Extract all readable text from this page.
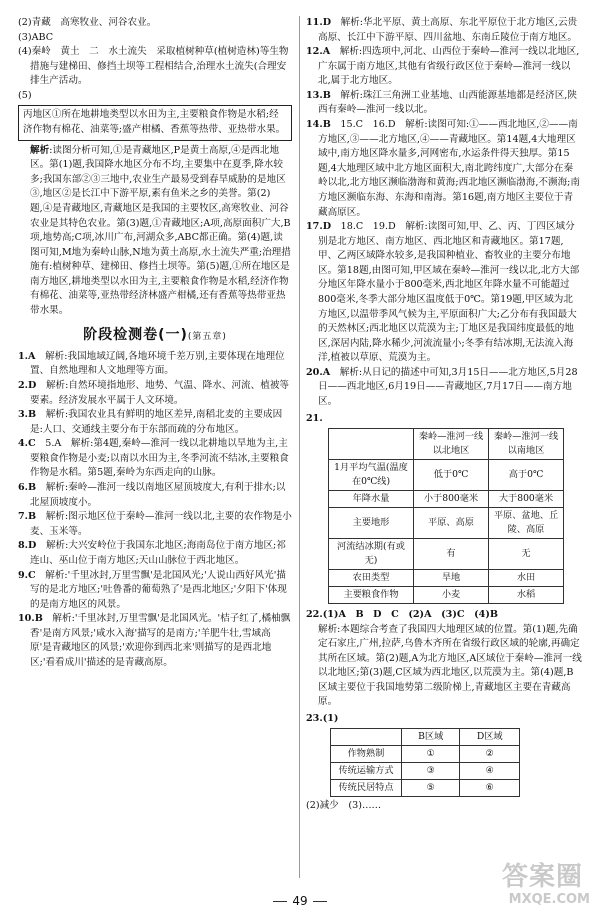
(2)青藏　高寒牧业、河谷农业。

(3)ABC

(4)秦岭　黄土　二　水土流失　采取植树种草(植树造林)等生物措施与建梯田、修挡土坝等工程相结合,治理水土流失(合理安排生产活动。

(5)

丙地区①所在地耕地类型以水田为主,主要粮食作物是水稻;经济作物有棉花、油菜等;盛产柑橘、香蕉等热带、亚热带水果。

解析:读图分析可知,①是青藏地区,P是黄土高原,④是西北地区。第(1)题,我国降水地区分布不均,主要集中在夏季,降水较多;我国东部②③三地中,农业生产最易受到春旱威胁的是地区③,地区②是长江中下游平原,素有鱼米之乡的美誉。第(2)题,④是青藏地区,青藏地区是我国的主要牧区,高寒牧业、河谷农业是其特色农业。第(3)题,①青藏地区;A项,高原面积广大,B项,地势高;C项,冰川广布,河湖众多,ABC都正确。第(4)题,读图可知,M地为秦岭山脉,N地为黄土高原,水土流失严重;治理措施有:植树种草、建梯田、修挡土坝等。第(5)题,①所在地区是南方地区,耕地类型以水田为主,主要粮食作物是水稻,经济作物有棉花、油菜等,亚热带经济林盛产柑橘,还有香蕉等热带亚热带水果。

阶段检测卷(一)(第五章)

1.A　 解析:我国地域辽阔,各地环境千差万别,主要体现在地理位置、自然地理和人文地理等方面。

2.D　 解析:自然环境指地形、地势、气温、降水、河流、植被等要素。经济发展水平属于人文环境。

3.B　 解析:我国农业具有鲜明的地区差异,南稻北麦的主要成因是:人口、交通线主要分布于东部而疏的分布地区。

4.C　 5.A　解析:第4题,秦岭—淮河一线以北耕地以旱地为主,主要粮食作物是小麦;以南以水田为主,冬季河流不结冰,主要粮食作物是水稻。第5题,秦岭为东西走向的山脉。

6.B　 解析:秦岭—淮河一线以南地区屋顶坡度大,有利于排水;以北屋顶坡度小。

7.B　 解析:图示地区位于秦岭—淮河一线以北,主要的农作物是小麦、玉米等。

8.D　 解析:大兴安岭位于我国东北地区;海南岛位于南方地区;祁连山、巫山位于南方地区;天山山脉位于西北地区。

9.C　 解析:'千里冰封,万里雪飘'是北国风光;'人说山西好风光'描写的是北方地区;'吐鲁番的葡萄熟了'是西北地区;'夕阳下'体现的是南方地区的风景。

10.B　 解析:'千里冰封,万里雪飘'是北国风光。'桔子红了,橘柚飘香'是南方风景;'咸水入海'描写的是南方;'羊肥牛壮,雪域高原'是青藏地区的风景;'欢迎你到西北来'则描写的是西北地区;'看看成川'描述的是青藏高原。

11.D　 解析:华北平原、黄土高原、东北平原位于北方地区,云贵高原、长江中下游平原、四川盆地、东南丘陵位于南方地区。

12.A　 解析:四选项中,河北、山西位于秦岭—淮河一线以北地区,广东属于南方地区,其他有省级行政区位于秦岭—淮河一线以北,属于北方地区。

13.B　 解析:珠江三角洲工业基地、山西能源基地都是经济区,陕西有秦岭—淮河一线以北。

14.B　 15.C　16.D　解析:读图可知:①——西北地区,②——南方地区,③——北方地区,④——青藏地区。第14题,4大地理区域中,南方地区降水量多,河网密布,水运条件得天独厚。第15题,4大地理区域中北方地区面积大,南北跨纬度广,大部分在秦岭以北,北方地区濒临渤海和黄海;西北地区濒临渤海,不濒海;南方地区濒临东海、东海和南海。第16题,南方地区主要位于青藏高原区。

17.D　 18.C　19.D　解析:读图可知,甲、乙、丙、丁四区域分别是北方地区、南方地区、西北地区和青藏地区。第17题,甲、乙两区域降水较多,是我国种植业、畜牧业的主要分布地区。第18题,由图可知,甲区域在秦岭—淮河一线以北,北方大部分地区年降水量小于800毫米,西北地区年降水量不可能超过800毫米,冬季大部分地区温度低于0℃。第19题,甲区域为北方地区,以温带季风气候为主,平原面积广大;乙分布有我国最大的天然林区;西北地区以荒漠为主;丁地区是我国纬度最低的地区,深居内陆,降水稀少,河流流量小;冬季有结冰期,无法流入海洋,植被以草原、荒漠为主。

20.A　 解析:从日记的描述中可知,3月15日——北方地区,5月28日——西北地区,6月19日——青藏地区,7月17日——南方地区。

21.

	秦岭—淮河一线以北地区	秦岭—淮河一线以南地区
1月平均气温(温度在0℃线)	低于0℃	高于0℃
年降水量	小于800毫米	大于800毫米
主要地形	平原、高原	平原、盆地、丘陵、高原
河流结冰期(有或无)	有	无
农田类型	旱地	水田
主要粮食作物	小麦	水稻

22.(1)A　B　D　C　(2)A　(3)C　(4)B

解析:本题综合考查了我国四大地理区域的位置。第(1)题,先确定石家庄,广州,拉萨,乌鲁木齐所在省级行政区域的轮廓,再确定其所在区域。第(2)题,A为北方地区,A区域位于秦岭—淮河一线以北地区;第(3)题,C区域为西北地区,以荒漠为主。第(4)题,B区域主要位于我国地势第二级阶梯上,青藏地区主要在青藏高原。

23.(1)

	B区域	D区域
作物熟制	①	②
传统运输方式	③	④
传统民居特点	⑤	⑥

(2)减少　(3)……

49
答案圈
MXQE.COM
